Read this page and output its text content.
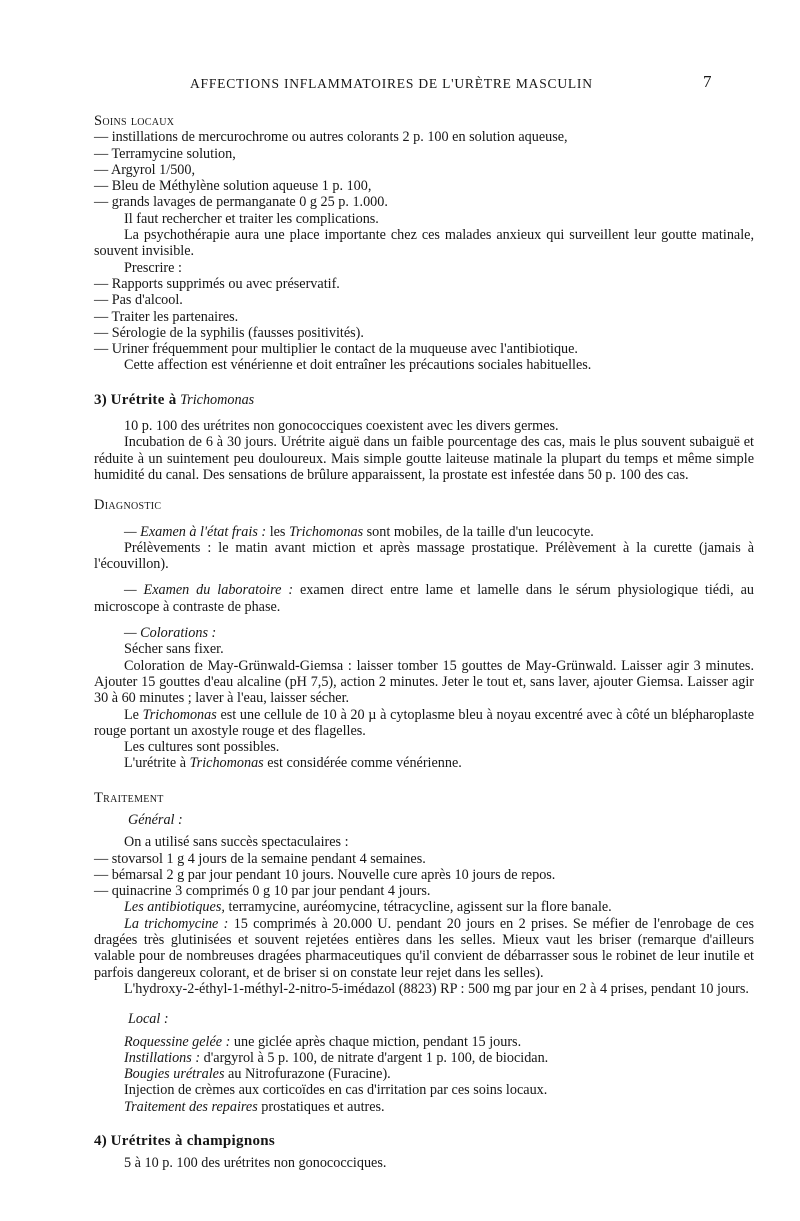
AFFECTIONS INFLAMMATOIRES DE L'URÈTRE MASCULIN	7
Soins locaux

— instillations de mercurochrome ou autres colorants 2 p. 100 en solution aqueuse,

— Terramycine solution,

— Argyrol 1/500,

— Bleu de Méthylène solution aqueuse 1 p. 100,

— grands lavages de permanganate 0 g 25 p. 1.000.

Il faut rechercher et traiter les complications.

La psychothérapie aura une place importante chez ces malades anxieux qui surveillent leur goutte matinale, souvent invisible.

Prescrire :

— Rapports supprimés ou avec préservatif.

— Pas d'alcool.

— Traiter les partenaires.

— Sérologie de la syphilis (fausses positivités).

— Uriner fréquemment pour multiplier le contact de la muqueuse avec l'antibiotique.

Cette affection est vénérienne et doit entraîner les précautions sociales habituelles.

3) Urétrite à Trichomonas

10 p. 100 des urétrites non gonococciques coexistent avec les divers germes.

Incubation de 6 à 30 jours. Urétrite aiguë dans un faible pourcentage des cas, mais le plus souvent subaiguë et réduite à un suintement peu douloureux. Mais simple goutte laiteuse matinale la plupart du temps et même simple humidité du canal. Des sensations de brûlure apparaissent, la prostate est infestée dans 50 p. 100 des cas.

Diagnostic

— Examen à l'état frais : les Trichomonas sont mobiles, de la taille d'un leucocyte.

Prélèvements : le matin avant miction et après massage prostatique. Prélèvement à la curette (jamais à l'écouvillon).

— Examen du laboratoire : examen direct entre lame et lamelle dans le sérum physiologique tiédi, au microscope à contraste de phase.

— Colorations :

Sécher sans fixer.

Coloration de May-Grünwald-Giemsa : laisser tomber 15 gouttes de May-Grünwald. Laisser agir 3 minutes. Ajouter 15 gouttes d'eau alcaline (pH 7,5), action 2 minutes. Jeter le tout et, sans laver, ajouter Giemsa. Laisser agir 30 à 60 minutes ; laver à l'eau, laisser sécher.

Le Trichomonas est une cellule de 10 à 20 µ à cytoplasme bleu à noyau excentré avec à côté un blépharoplaste rouge portant un axostyle rouge et des flagelles.

Les cultures sont possibles.

L'urétrite à Trichomonas est considérée comme vénérienne.

Traitement
Général :

On a utilisé sans succès spectaculaires :

— stovarsol 1 g 4 jours de la semaine pendant 4 semaines.

— bémarsal 2 g par jour pendant 10 jours. Nouvelle cure après 10 jours de repos.

— quinacrine 3 comprimés 0 g 10 par jour pendant 4 jours.

Les antibiotiques, terramycine, auréomycine, tétracycline, agissent sur la flore banale.

La trichomycine : 15 comprimés à 20.000 U. pendant 20 jours en 2 prises. Se méfier de l'enrobage de ces dragées très glutinisées et souvent rejetées entières dans les selles. Mieux vaut les briser (remarque d'ailleurs valable pour de nombreuses dragées pharmaceutiques qu'il convient de débarrasser sous le robinet de leur inutile et parfois dangereux colorant, et de briser si on constate leur rejet dans les selles).

L'hydroxy-2-éthyl-1-méthyl-2-nitro-5-imédazol (8823) RP : 500 mg par jour en 2 à 4 prises, pendant 10 jours.

Local :

Roquessine gelée : une giclée après chaque miction, pendant 15 jours.

Instillations : d'argyrol à 5 p. 100, de nitrate d'argent 1 p. 100, de biocidan.

Bougies urétrales au Nitrofurazone (Furacine).

Injection de crèmes aux corticoïdes en cas d'irritation par ces soins locaux.

Traitement des repaires prostatiques et autres.

4) Urétrites à champignons

5 à 10 p. 100 des urétrites non gonococciques.
